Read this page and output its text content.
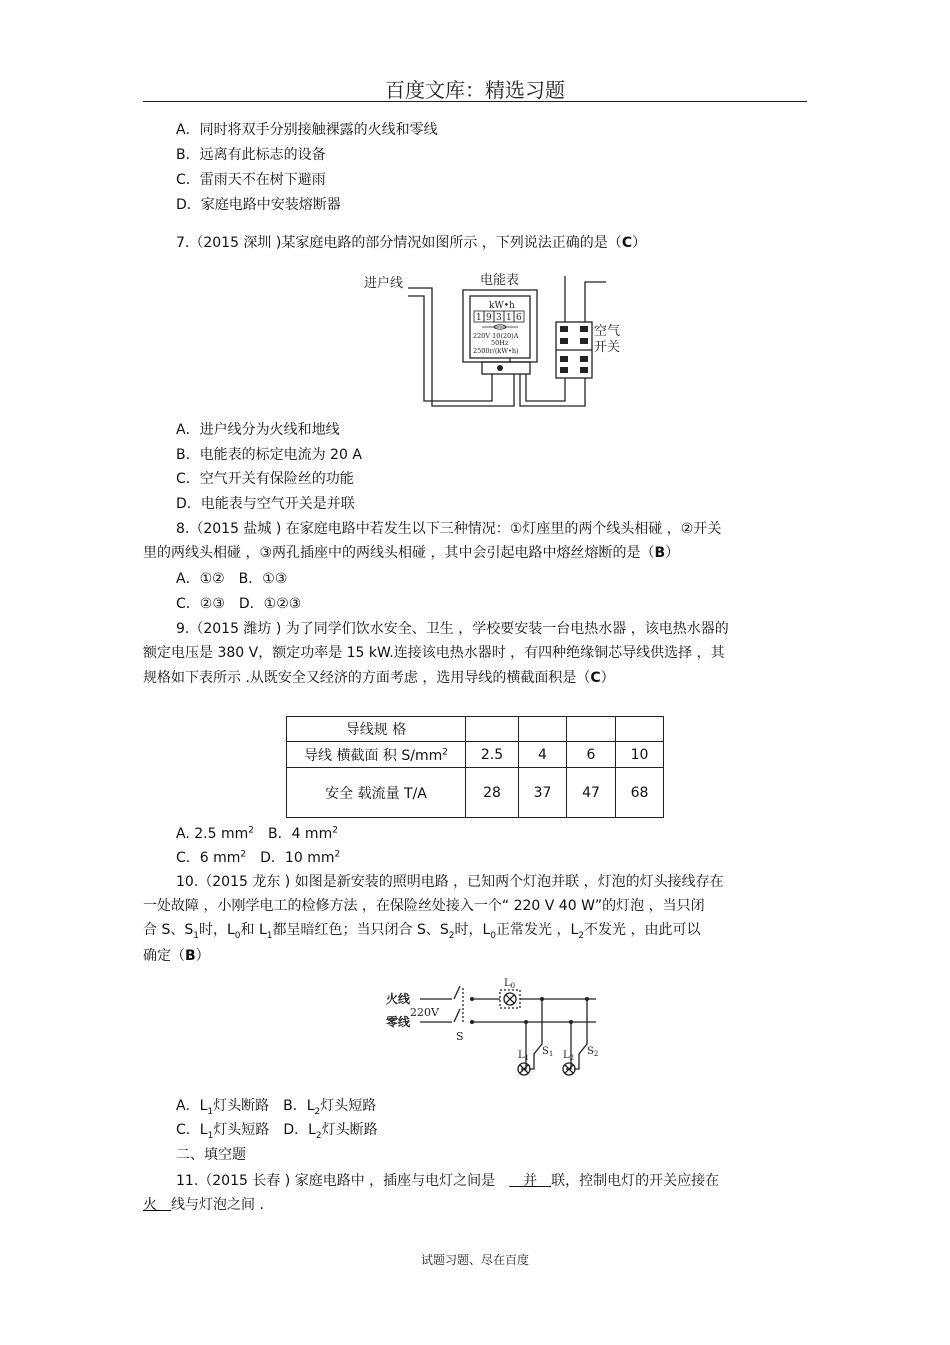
百度文库：精选习题
A．同时将双手分别接触裸露的火线和零线
B．远离有此标志的设备
C．雷雨天不在树下避雨
D．家庭电路中安装熔断器
7.（2015 深圳 )某家庭电路的部分情况如图所示 ，下列说法正确的是（C）
进户线	电能表
kW•h
1 9 3 1 6
220V 10(20)A
50Hz
2500r/(kW•h)
空气
开关
A．进户线分为火线和地线
B．电能表的标定电流为 20 A
C．空气开关有保险丝的功能
D．电能表与空气开关是并联
8.（2015 盐城 ) 在家庭电路中若发生以下三种情况：①灯座里的两个线头相碰 ，②开关
里的两线头相碰 ，③两孔插座中的两线头相碰 ，其中会引起电路中熔丝熔断的是（B）
A．①②　B．①③
C．②③　D．①②③
9.（2015 潍坊 ) 为了同学们饮水安全、卫生 ，学校要安装一台电热水器 ，该电热水器的
额定电压是 380 V，额定功率是 15 kW.连接该电热水器时 ，有四种绝缘铜芯导线供选择 ，其
规格如下表所示 .从既安全又经济的方面考虑 ，选用导线的横截面积是（C）
导线规 格				
导线 横截面 积 $S/mm^2$	2.5	4	6	10
安全 载流量 T/A	28	37	47	68
A. 2.5 $mm^2$　 B．4 $mm^2$
C．6 $mm^2$　 D．10 $mm^2$
10.（2015 龙东 ) 如图是新安装的照明电路 ，已知两个灯泡并联 ，灯泡的灯头接线存在
一处故障 ，小刚学电工的检修方法 ，在保险丝处接入一个“ 220 V 40 W”的灯泡 ，当只闭
合 S、$S_1$时，$L_0$和 $L_1$都呈暗红色；当只闭合 S、$S_2$时，$L_0$正常发光 ，$L_2$不发光 ，由此可以
确定（B）
火线
零线
220V
S
$L_0$
$L_1$
$S_1$ $L_2$
$S_2$
A．$L_1$灯头断路　 B．$L_2$灯头短路
C．$L_1$灯头短路　 D．$L_2$灯头断路
二、填空题
11.（2015 长春 ) 家庭电路中 ，插座与电灯之间是　　 并　 联，控制电灯的开关应接在
火　 线与灯泡之间 .
试题习题、尽在百度
